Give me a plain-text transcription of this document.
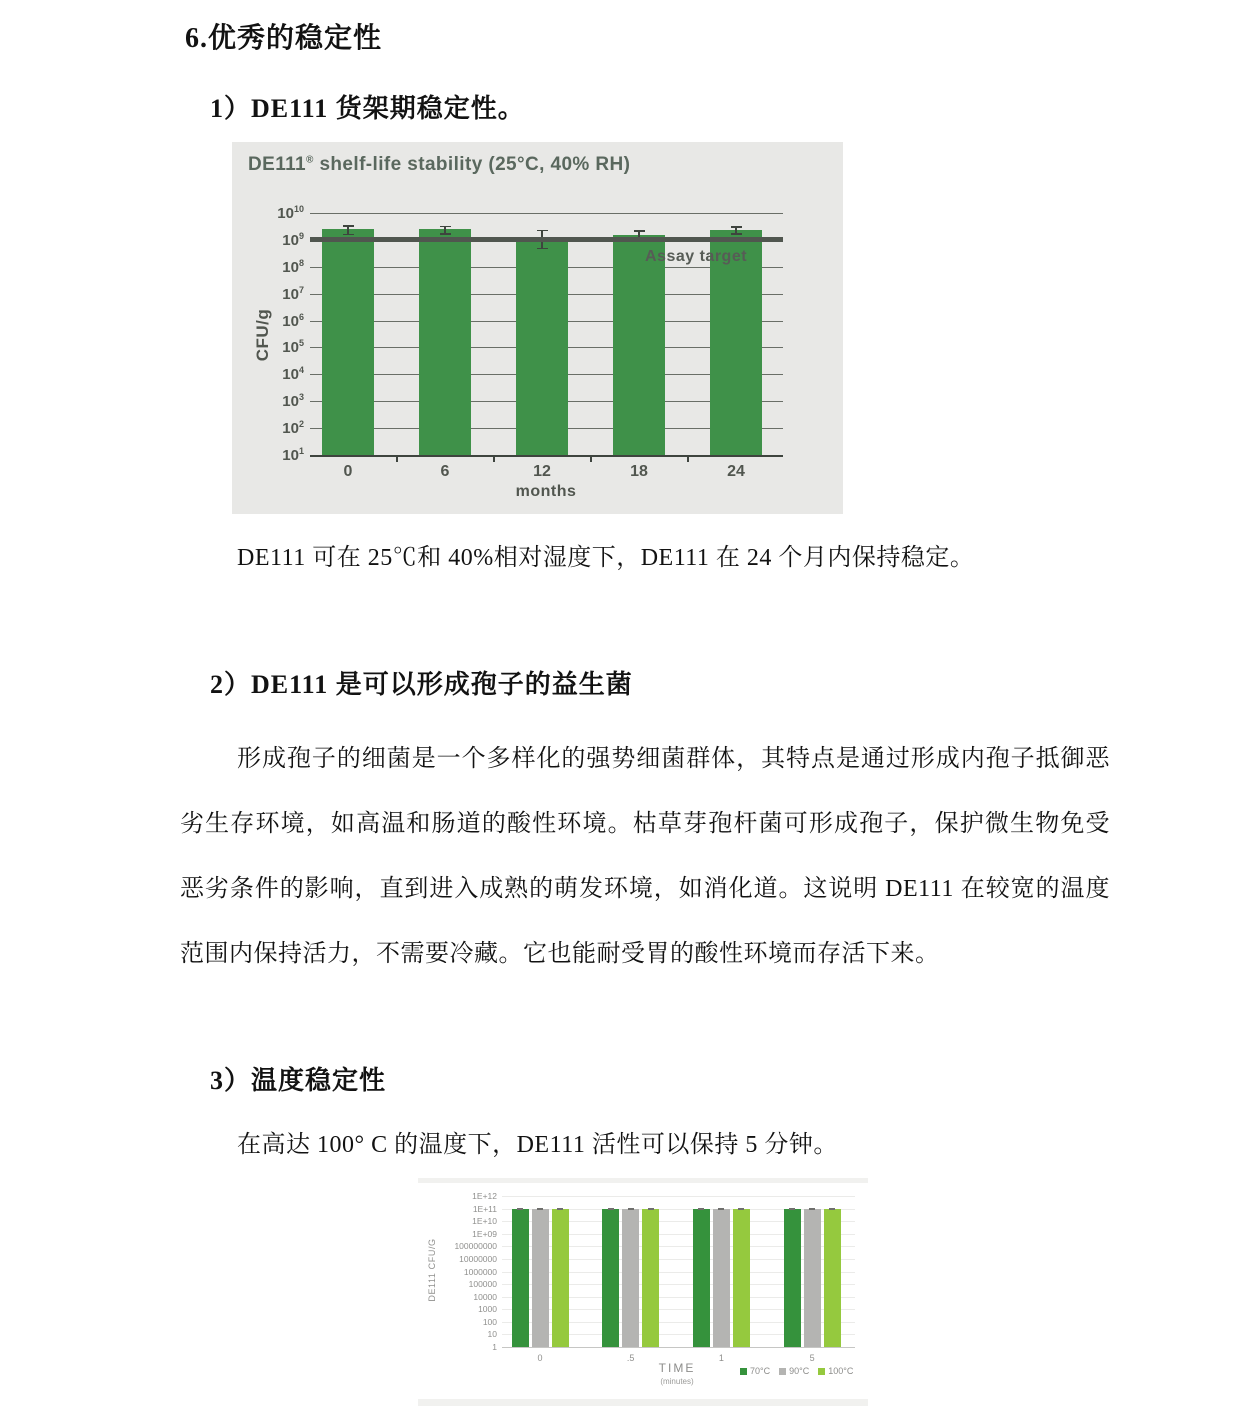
6.优秀的稳定性
1）DE111 货架期稳定性。
DE111® shelf-life stability (25°C, 40% RH)
CFU/g
0	6	12	18	24
Assay target
months
$10^{10}$
$10^9$
$10^8$
$10^7$
$10^6$
$10^5$
$10^4$
$10^3$
$10^2$
$10^1$
DE111 可在 25℃和 40%相对湿度下，DE111 在 24 个月内保持稳定。
2）DE111 是可以形成孢子的益生菌
形成孢子的细菌是一个多样化的强势细菌群体，其特点是通过形成内孢子抵御恶
劣生存环境，如高温和肠道的酸性环境。枯草芽孢杆菌可形成孢子，保护微生物免受
恶劣条件的影响，直到进入成熟的萌发环境，如消化道。这说明 DE111 在较宽的温度
范围内保持活力，不需要冷藏。它也能耐受胃的酸性环境而存活下来。
3）温度稳定性
在高达 100° C 的温度下，DE111 活性可以保持 5 分钟。
DE111 CFU/G
0	.5	1	5
TIME
(minutes)
70°C 90°C 100°C
1E+12
1E+11
1E+10
1E+09
100000000
10000000
1000000
100000
10000
1000
100
10
1
